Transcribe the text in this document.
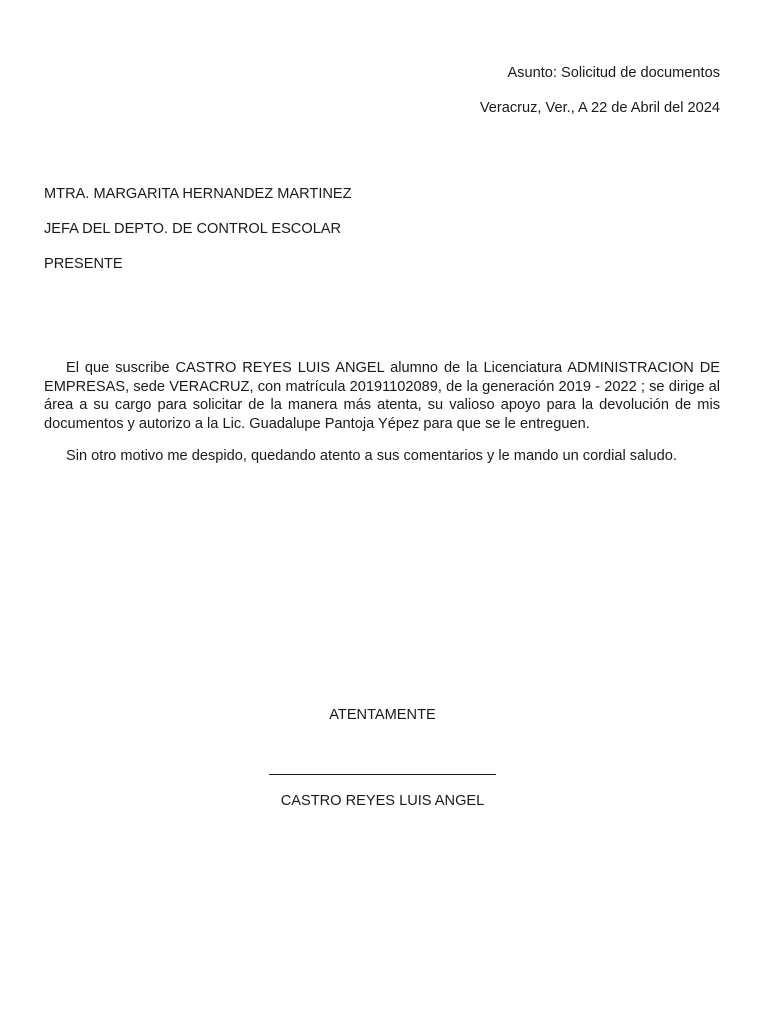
Asunto: Solicitud de documentos
Veracruz, Ver., A 22 de Abril del 2024
MTRA. MARGARITA HERNANDEZ MARTINEZ
JEFA DEL DEPTO. DE CONTROL ESCOLAR
PRESENTE
El que suscribe CASTRO REYES LUIS ANGEL alumno de la Licenciatura ADMINISTRACION DE EMPRESAS, sede VERACRUZ, con matrícula 20191102089, de la generación 2019 - 2022 ; se dirige al área a su cargo para solicitar de la manera más atenta, su valioso apoyo para la devolución de mis documentos y autorizo a la Lic. Guadalupe Pantoja Yépez para que se le entreguen.
Sin otro motivo me despido, quedando atento a sus comentarios y le mando un cordial saludo.
ATENTAMENTE
CASTRO REYES LUIS ANGEL
